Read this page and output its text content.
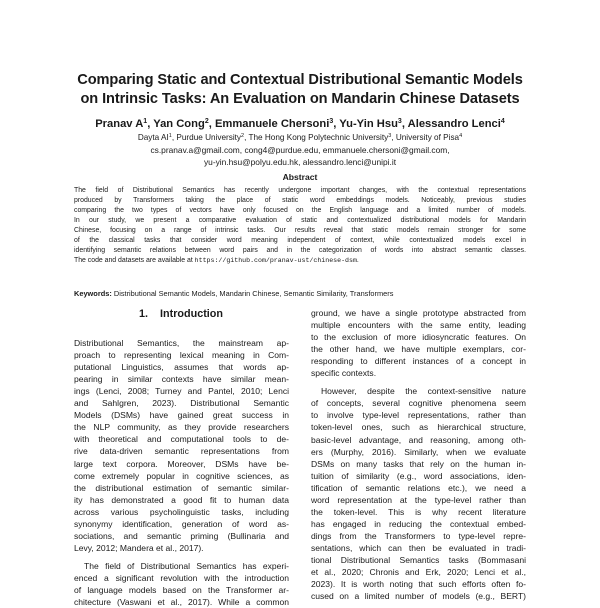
Comparing Static and Contextual Distributional Semantic Models
on Intrinsic Tasks: An Evaluation on Mandarin Chinese Datasets
Pranav $A^1$, Yan Cong$^2$, Emmanuele Chersoni$^3$, Yu-Yin Hsu$^3$, Alessandro Lenci$^4$
Dayta $AI^1$, Purdue University$^2$, The Hong Kong Polytechnic University$^3$, University of Pisa$^4$
cs.pranav.a@gmail.com, cong4@purdue.edu, emmanuele.chersoni@gmail.com,
yu-yin.hsu@polyu.edu.hk, alessandro.lenci@unipi.it
Abstract
The field of Distributional Semantics has recently undergone important changes, with the contextual representations
produced by Transformers taking the place of static word embeddings models. Noticeably, previous studies
comparing the two types of vectors have only focused on the English language and a limited number of models.
In our study, we present a comparative evaluation of static and contextualized distributional models for Mandarin
Chinese, focusing on a range of intrinsic tasks. Our results reveal that static models remain stronger for some
of the classical tasks that consider word meaning independent of context, while contextualized models excel in
identifying semantic relations between word pairs and in the categorization of words into abstract semantic classes.
The code and datasets are available at https://github.com/pranav-ust/chinese-dsm.
Keywords: Distributional Semantic Models, Mandarin Chinese, Semantic Similarity, Transformers
1. Introduction
Distributional Semantics, the mainstream ap-
proach to representing lexical meaning in Com-
putational Linguistics, assumes that words ap-
pearing in similar contexts have similar mean-
ings (Lenci, 2008; Turney and Pantel, 2010; Lenci
and Sahlgren, 2023). Distributional Semantic
Models (DSMs) have gained great success in
the NLP community, as they provide researchers
with theoretical and computational tools to de-
rive data-driven semantic representations from
large text corpora. Moreover, DSMs have be-
come extremely popular in cognitive sciences, as
the distributional estimation of semantic similar-
ity has demonstrated a good fit to human data
across various psycholinguistic tasks, including
synonymy identification, generation of word as-
sociations, and semantic priming (Bullinaria and
Levy, 2012; Mandera et al., 2017).
The field of Distributional Semantics has experi-
enced a significant revolution with the introduction
of language models based on the Transformer ar-
chitecture (Vaswani et al., 2017). While a common
ground, we have a single prototype abstracted from
multiple encounters with the same entity, leading
to the exclusion of more idiosyncratic features. On
the other hand, we have multiple exemplars, cor-
responding to different instances of a concept in
specific contexts.
However, despite the context-sensitive nature
of concepts, several cognitive phenomena seem
to involve type-level representations, rather than
token-level ones, such as hierarchical structure,
basic-level advantage, and reasoning, among oth-
ers (Murphy, 2016). Similarly, when we evaluate
DSMs on many tasks that rely on the human in-
tuition of similarity (e.g., word associations, iden-
tification of semantic relations etc.), we need a
word representation at the type-level rather than
the token-level. This is why recent literature
has engaged in reducing the contextual embed-
dings from the Transformers to type-level repre-
sentations, which can then be evaluated in tradi-
tional Distributional Semantics tasks (Bommasani
et al., 2020; Chronis and Erk, 2020; Lenci et al.,
2023). It is worth noting that such efforts often fo-
cused on a limited number of models (e.g., BERT)
